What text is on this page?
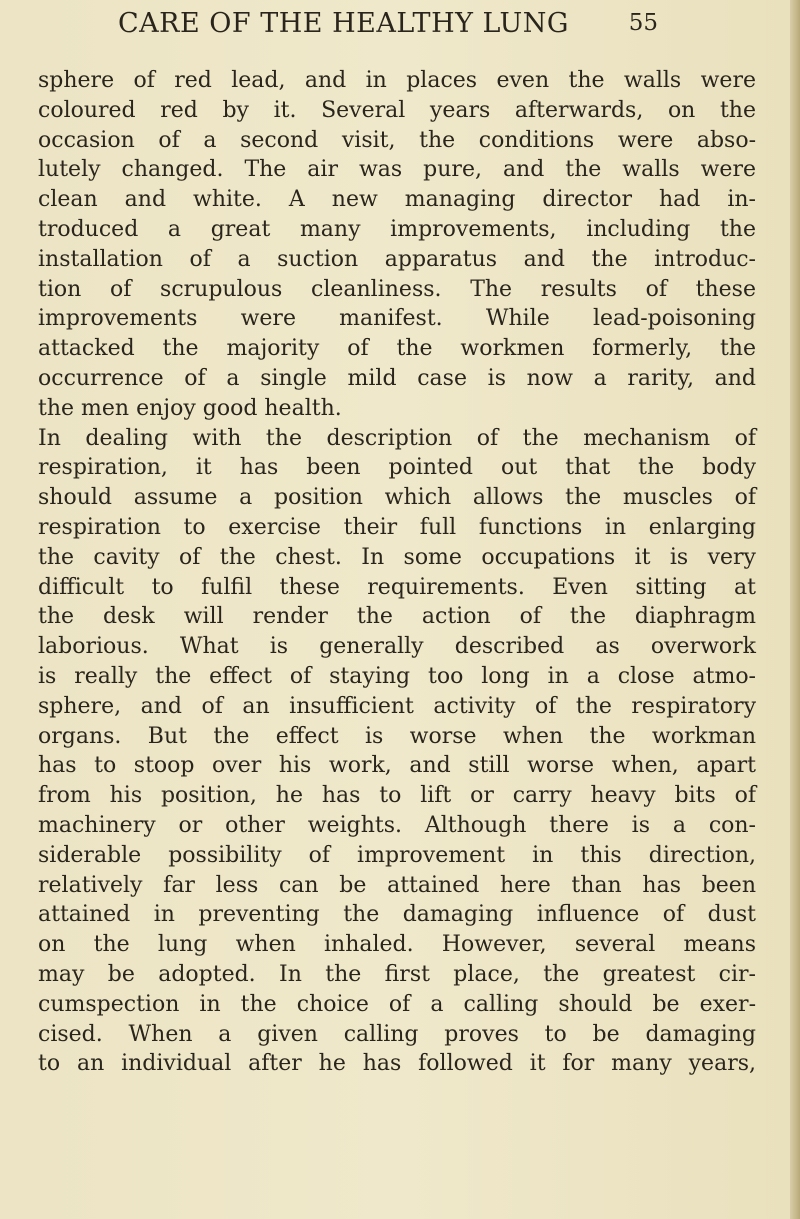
CARE OF THE HEALTHY LUNG	55
sphere of red lead, and in places even the walls were
coloured red by it. Several years afterwards, on the
occasion of a second visit, the conditions were abso-
lutely changed. The air was pure, and the walls were
clean and white. A new managing director had in-
troduced a great many improvements, including the
installation of a suction apparatus and the introduc-
tion of scrupulous cleanliness. The results of these
improvements were manifest. While lead-poisoning
attacked the majority of the workmen formerly, the
occurrence of a single mild case is now a rarity, and
the men enjoy good health.
In dealing with the description of the mechanism of
respiration, it has been pointed out that the body
should assume a position which allows the muscles of
respiration to exercise their full functions in enlarging
the cavity of the chest. In some occupations it is very
difficult to fulfil these requirements. Even sitting at
the desk will render the action of the diaphragm
laborious. What is generally described as overwork
is really the effect of staying too long in a close atmo-
sphere, and of an insufficient activity of the respiratory
organs. But the effect is worse when the workman
has to stoop over his work, and still worse when, apart
from his position, he has to lift or carry heavy bits of
machinery or other weights. Although there is a con-
siderable possibility of improvement in this direction,
relatively far less can be attained here than has been
attained in preventing the damaging influence of dust
on the lung when inhaled. However, several means
may be adopted. In the first place, the greatest cir-
cumspection in the choice of a calling should be exer-
cised. When a given calling proves to be damaging
to an individual after he has followed it for many years,
